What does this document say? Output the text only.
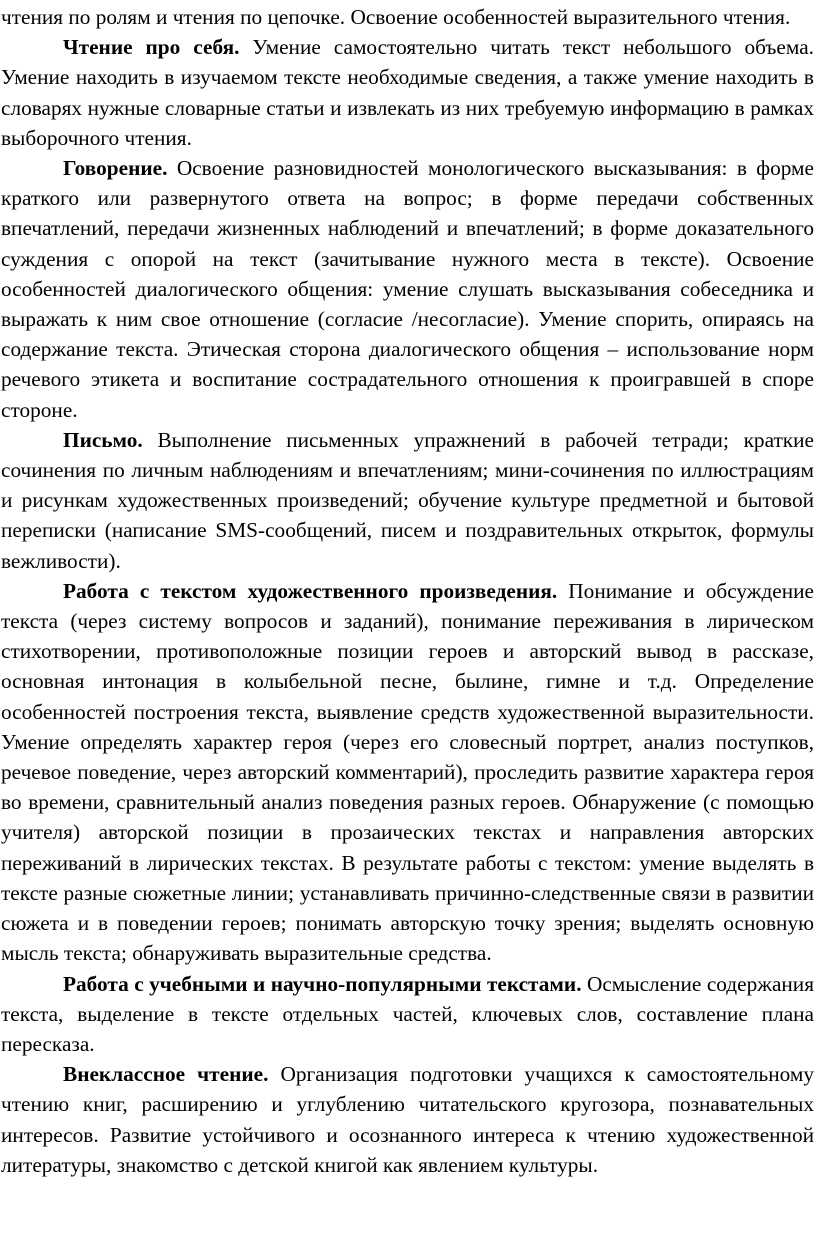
чтения по ролям и чтения по цепочке. Освоение особенностей выразительного чтения.

Чтение про себя. Умение самостоятельно читать текст небольшого объема. Умение находить в изучаемом тексте необходимые сведения, а также умение находить в словарях нужные словарные статьи и извлекать из них требуемую информацию в рамках выборочного чтения.

Говорение. Освоение разновидностей монологического высказывания: в форме краткого или развернутого ответа на вопрос; в форме передачи собственных впечатлений, передачи жизненных наблюдений и впечатлений; в форме доказательного суждения с опорой на текст (зачитывание нужного места в тексте). Освоение особенностей диалогического общения: умение слушать высказывания собеседника и выражать к ним свое отношение (согласие /несогласие). Умение спорить, опираясь на содержание текста. Этическая сторона диалогического общения – использование норм речевого этикета и воспитание сострадательного отношения к проигравшей в споре стороне.

Письмо. Выполнение письменных упражнений в рабочей тетради; краткие сочинения по личным наблюдениям и впечатлениям; мини-сочинения по иллюстрациям и рисункам художественных произведений; обучение культуре предметной и бытовой переписки (написание SMS-сообщений, писем и поздравительных открыток, формулы вежливости).

Работа с текстом художественного произведения. Понимание и обсуждение текста (через систему вопросов и заданий), понимание переживания в лирическом стихотворении, противоположные позиции героев и авторский вывод в рассказе, основная интонация в колыбельной песне, былине, гимне и т.д. Определение особенностей построения текста, выявление средств художественной выразительности. Умение определять характер героя (через его словесный портрет, анализ поступков, речевое поведение, через авторский комментарий), проследить развитие характера героя во времени, сравнительный анализ поведения разных героев. Обнаружение (с помощью учителя) авторской позиции в прозаических текстах и направления авторских переживаний в лирических текстах. В результате работы с текстом: умение выделять в тексте разные сюжетные линии; устанавливать причинно-следственные связи в развитии сюжета и в поведении героев; понимать авторскую точку зрения; выделять основную мысль текста; обнаруживать выразительные средства.

Работа с учебными и научно-популярными текстами. Осмысление содержания текста, выделение в тексте отдельных частей, ключевых слов, составление плана пересказа.

Внеклассное чтение. Организация подготовки учащихся к самостоятельному чтению книг, расширению и углублению читательского кругозора, познавательных интересов. Развитие устойчивого и осознанного интереса к чтению художественной литературы, знакомство с детской книгой как явлением культуры.
